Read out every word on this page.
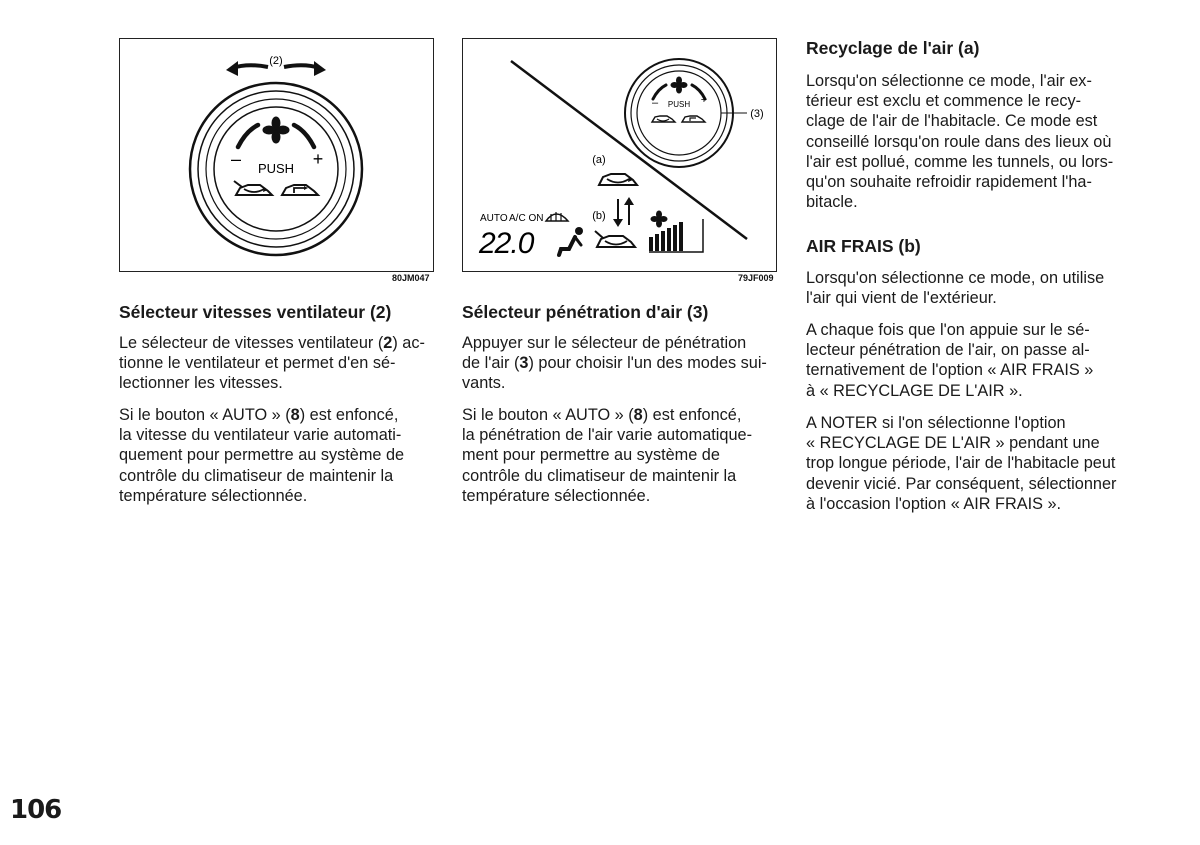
(2)
–	+
PUSH
80JM047
–	+
PUSH
(3)
(a)
(b)
AUTO A/C ON
22.0
79JF009
Sélecteur vitesses ventilateur (2)
Le sélecteur de vitesses ventilateur (2) ac-
tionne le ventilateur et permet d'en sé-
lectionner les vitesses.
Si le bouton « AUTO » (8) est enfoncé,
la vitesse du ventilateur varie automati-
quement pour permettre au système de
contrôle du climatiseur de maintenir la
température sélectionnée.
Sélecteur pénétration d'air (3)
Appuyer sur le sélecteur de pénétration
de l'air (3) pour choisir l'un des modes sui-
vants.
Si le bouton « AUTO » (8) est enfoncé,
la pénétration de l'air varie automatique-
ment pour permettre au système de
contrôle du climatiseur de maintenir la
température sélectionnée.
Recyclage de l'air (a)
Lorsqu'on sélectionne ce mode, l'air ex-
térieur est exclu et commence le recy-
clage de l'air de l'habitacle. Ce mode est
conseillé lorsqu'on roule dans des lieux où
l'air est pollué, comme les tunnels, ou lors-
qu'on souhaite refroidir rapidement l'ha-
bitacle.
AIR FRAIS (b)
Lorsqu'on sélectionne ce mode, on utilise
l'air qui vient de l'extérieur.
A chaque fois que l'on appuie sur le sé-
lecteur pénétration de l'air, on passe al-
ternativement de l'option « AIR FRAIS »
à « RECYCLAGE DE L'AIR ».
A NOTER si l'on sélectionne l'option
« RECYCLAGE DE L'AIR » pendant une
trop longue période, l'air de l'habitacle peut
devenir vicié. Par conséquent, sélectionner
à l'occasion l'option « AIR FRAIS ».
106
